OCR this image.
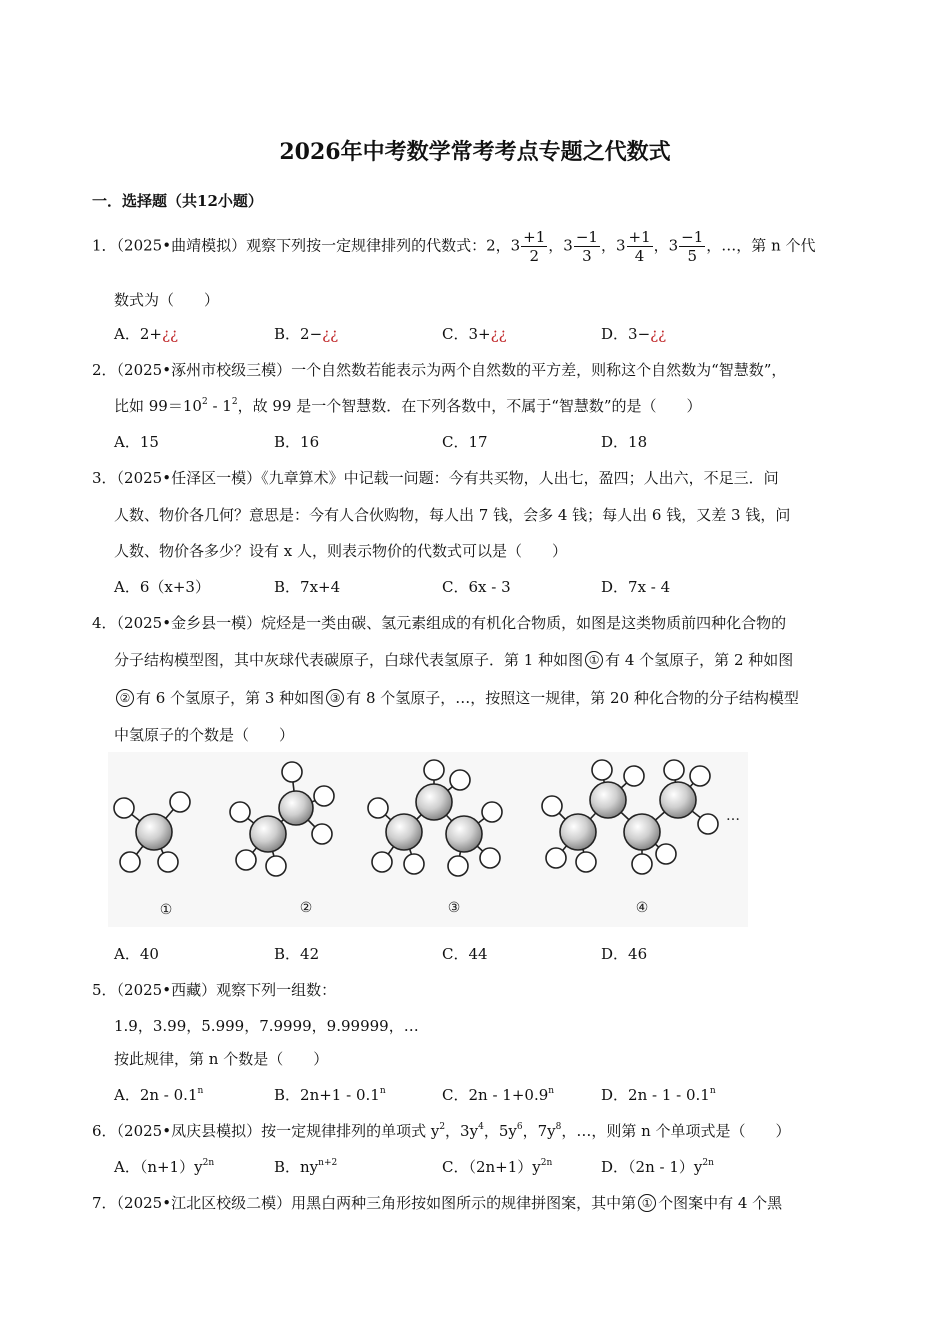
2026年中考数学常考考点专题之代数式
一．选择题（共12小题）
1．（2025•曲靖模拟）观察下列按一定规律排列的代数式：2，$3 \frac{+1}{2}$ ，$3 \frac{-1}{3}$ ，$3 \frac{+1}{4}$ ，$3 \frac{-1}{5}$ ，…，第 n 个代
数式为（　　）
A．2+¿¿	B．2−¿¿	C．3+¿¿	D．3−¿¿
2．（2025•涿州市校级三模）一个自然数若能表示为两个自然数的平方差，则称这个自然数为“智慧数”，
比如 $99=10^2$ ‑ $1^2$，故 99 是一个智慧数．在下列各数中，不属于“智慧数”的是（　　）
A．15	B．16	C．17	D．18
3．（2025•任泽区一模）《九章算术》中记载一问题：今有共买物，人出七，盈四；人出六，不足三．问
人数、物价各几何？意思是：今有人合伙购物，每人出 7 钱，会多 4 钱；每人出 6 钱，又差 3 钱，问
人数、物价各多少？设有 x 人，则表示物价的代数式可以是（　　）
A．6（x+3）	B．7x+4	C．6x ‑ 3	D．7x ‑ 4
4．（2025•金乡县一模）烷烃是一类由碳、氢元素组成的有机化合物质，如图是这类物质前四种化合物的
分子结构模型图，其中灰球代表碳原子，白球代表氢原子．第 1 种如图 ① 有 4 个氢原子，第 2 种如图
② 有 6 个氢原子，第 3 种如图 ③ 有 8 个氢原子，…，按照这一规律，第 20 种化合物的分子结构模型
中氢原子的个数是（　　）
①	②	③	④
…
A．40	B．42	C．44	D．46
5．（2025•西藏）观察下列一组数：
1.9，3.99，5.999，7.9999，9.99999，…
按此规律，第 n 个数是（　　）
A．2n ‑ 0.1$^n$	B．2n+1 ‑ 0.1$^n$	C．2n ‑ $1+0.9^n$	D．2n ‑ 1 ‑ 0.1$^n$
6．（2025•凤庆县模拟）按一定规律排列的单项式 $y^2$，$3y^4$，$5y^6$，$7y^8$，…，则第 n 个单项式是（　　）
A．$(n+1)y^{2n}$	B．$ny^{n+2}$	C．$(2n+1)y^{2n}$	D．（2n ‑ $1)y^{2n}$
7．（2025•江北区校级二模）用黑白两种三角形按如图所示的规律拼图案，其中第 ① 个图案中有 4 个黑
